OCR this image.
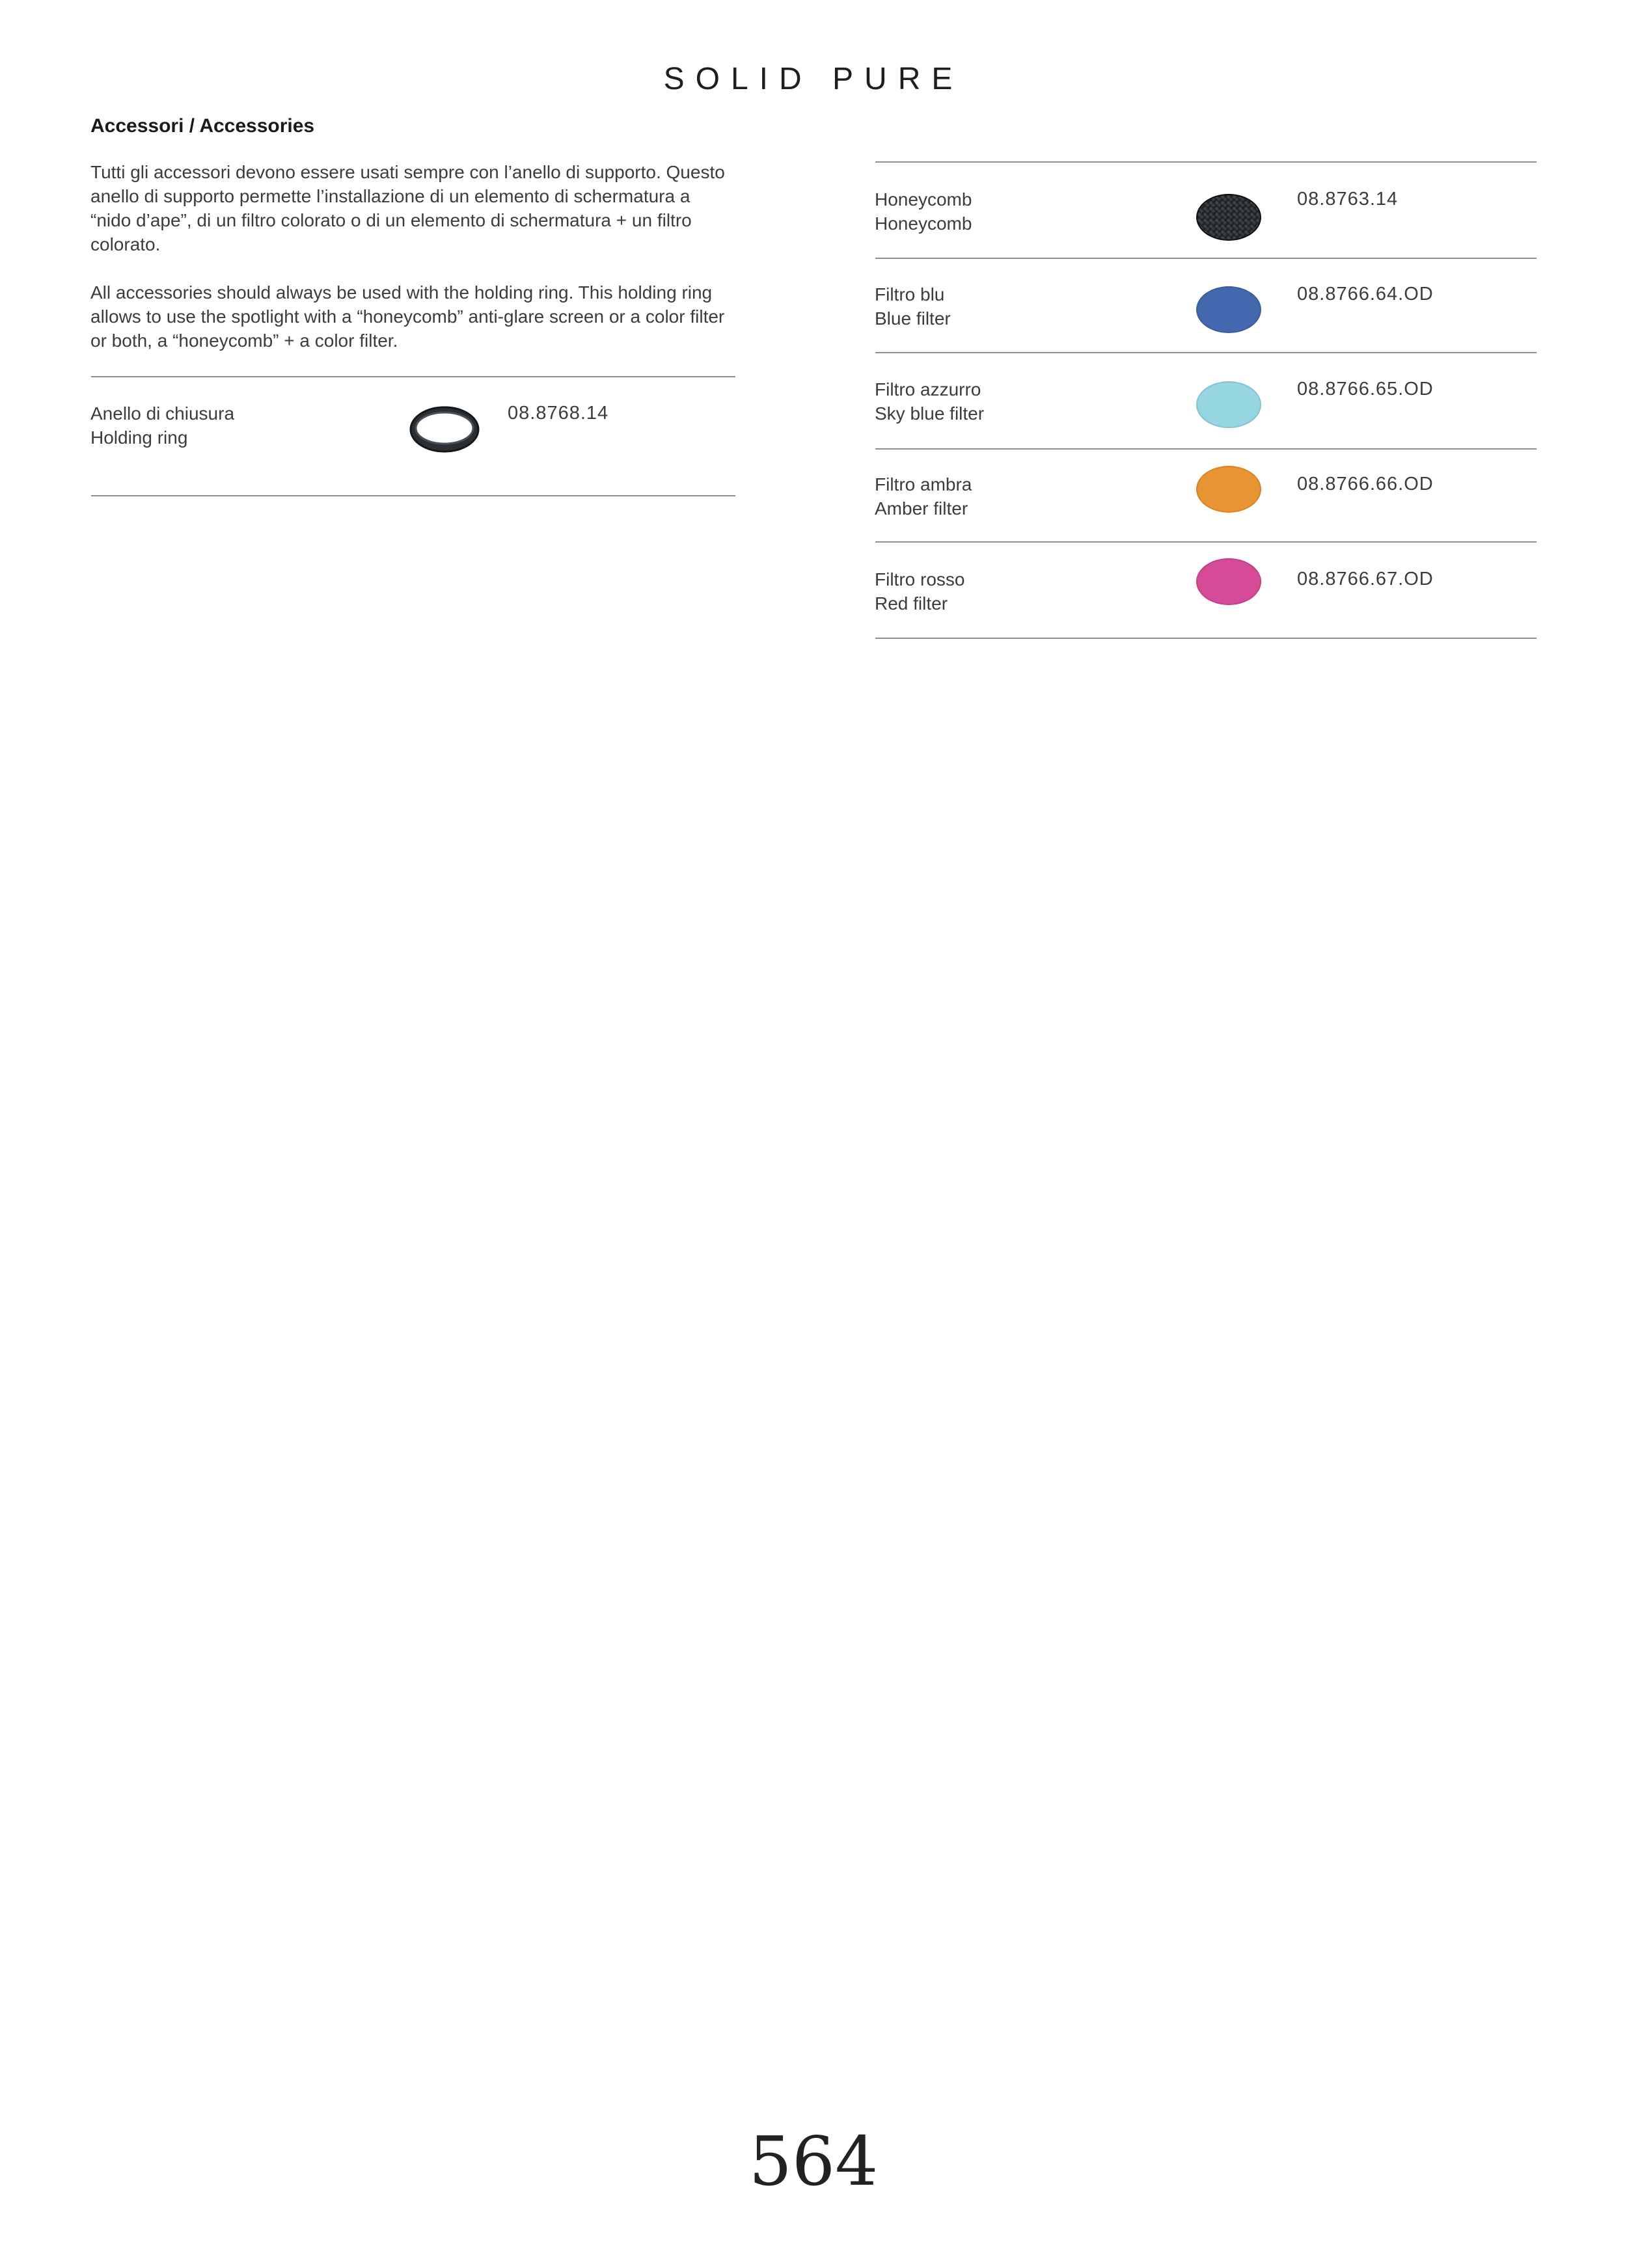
SOLID PURE
Accessori / Accessories

Tutti gli accessori devono essere usati sempre con l’anello di supporto. Questo anello di supporto permette l’installazione di un elemento di schermatura a “nido d’ape”, di un filtro colorato o di un elemento di schermatura + un filtro colorato.

All accessories should always be used with the holding ring. This holding ring allows to use the spotlight with a “honeycomb” anti-glare screen or a color filter or both, a “honeycomb” + a color filter.

Anello di chiusura
Holding ring
08.8768.14
Honeycomb
Honeycomb
08.8763.14
Filtro blu
Blue filter
08.8766.64.OD
Filtro azzurro
Sky blue filter
08.8766.65.OD
Filtro ambra
Amber filter
08.8766.66.OD
Filtro rosso
Red filter
08.8766.67.OD
564
